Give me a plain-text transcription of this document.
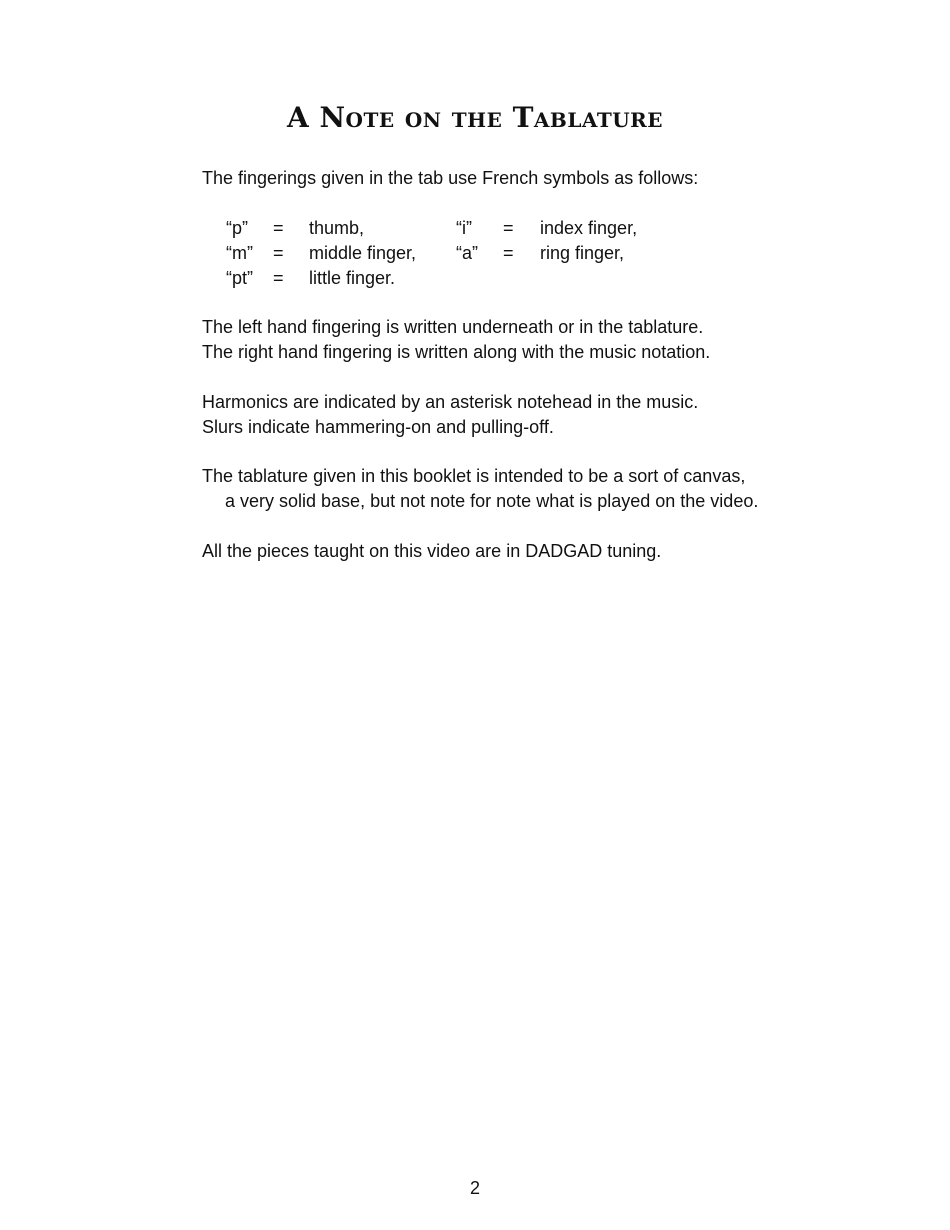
A Note on the Tablature
The fingerings given in the tab use French symbols as follows:
“p” = thumb,	“i” = index finger,
“m” = middle finger, “a” = ring finger,
“pt” = little finger.
The left hand fingering is written underneath or in the tablature.
The right hand fingering is written along with the music notation.
Harmonics are indicated by an asterisk notehead in the music.
Slurs indicate hammering-on and pulling-off.
The tablature given in this booklet is intended to be a sort of canvas,
a very solid base, but not note for note what is played on the video.
All the pieces taught on this video are in DADGAD tuning.
2
